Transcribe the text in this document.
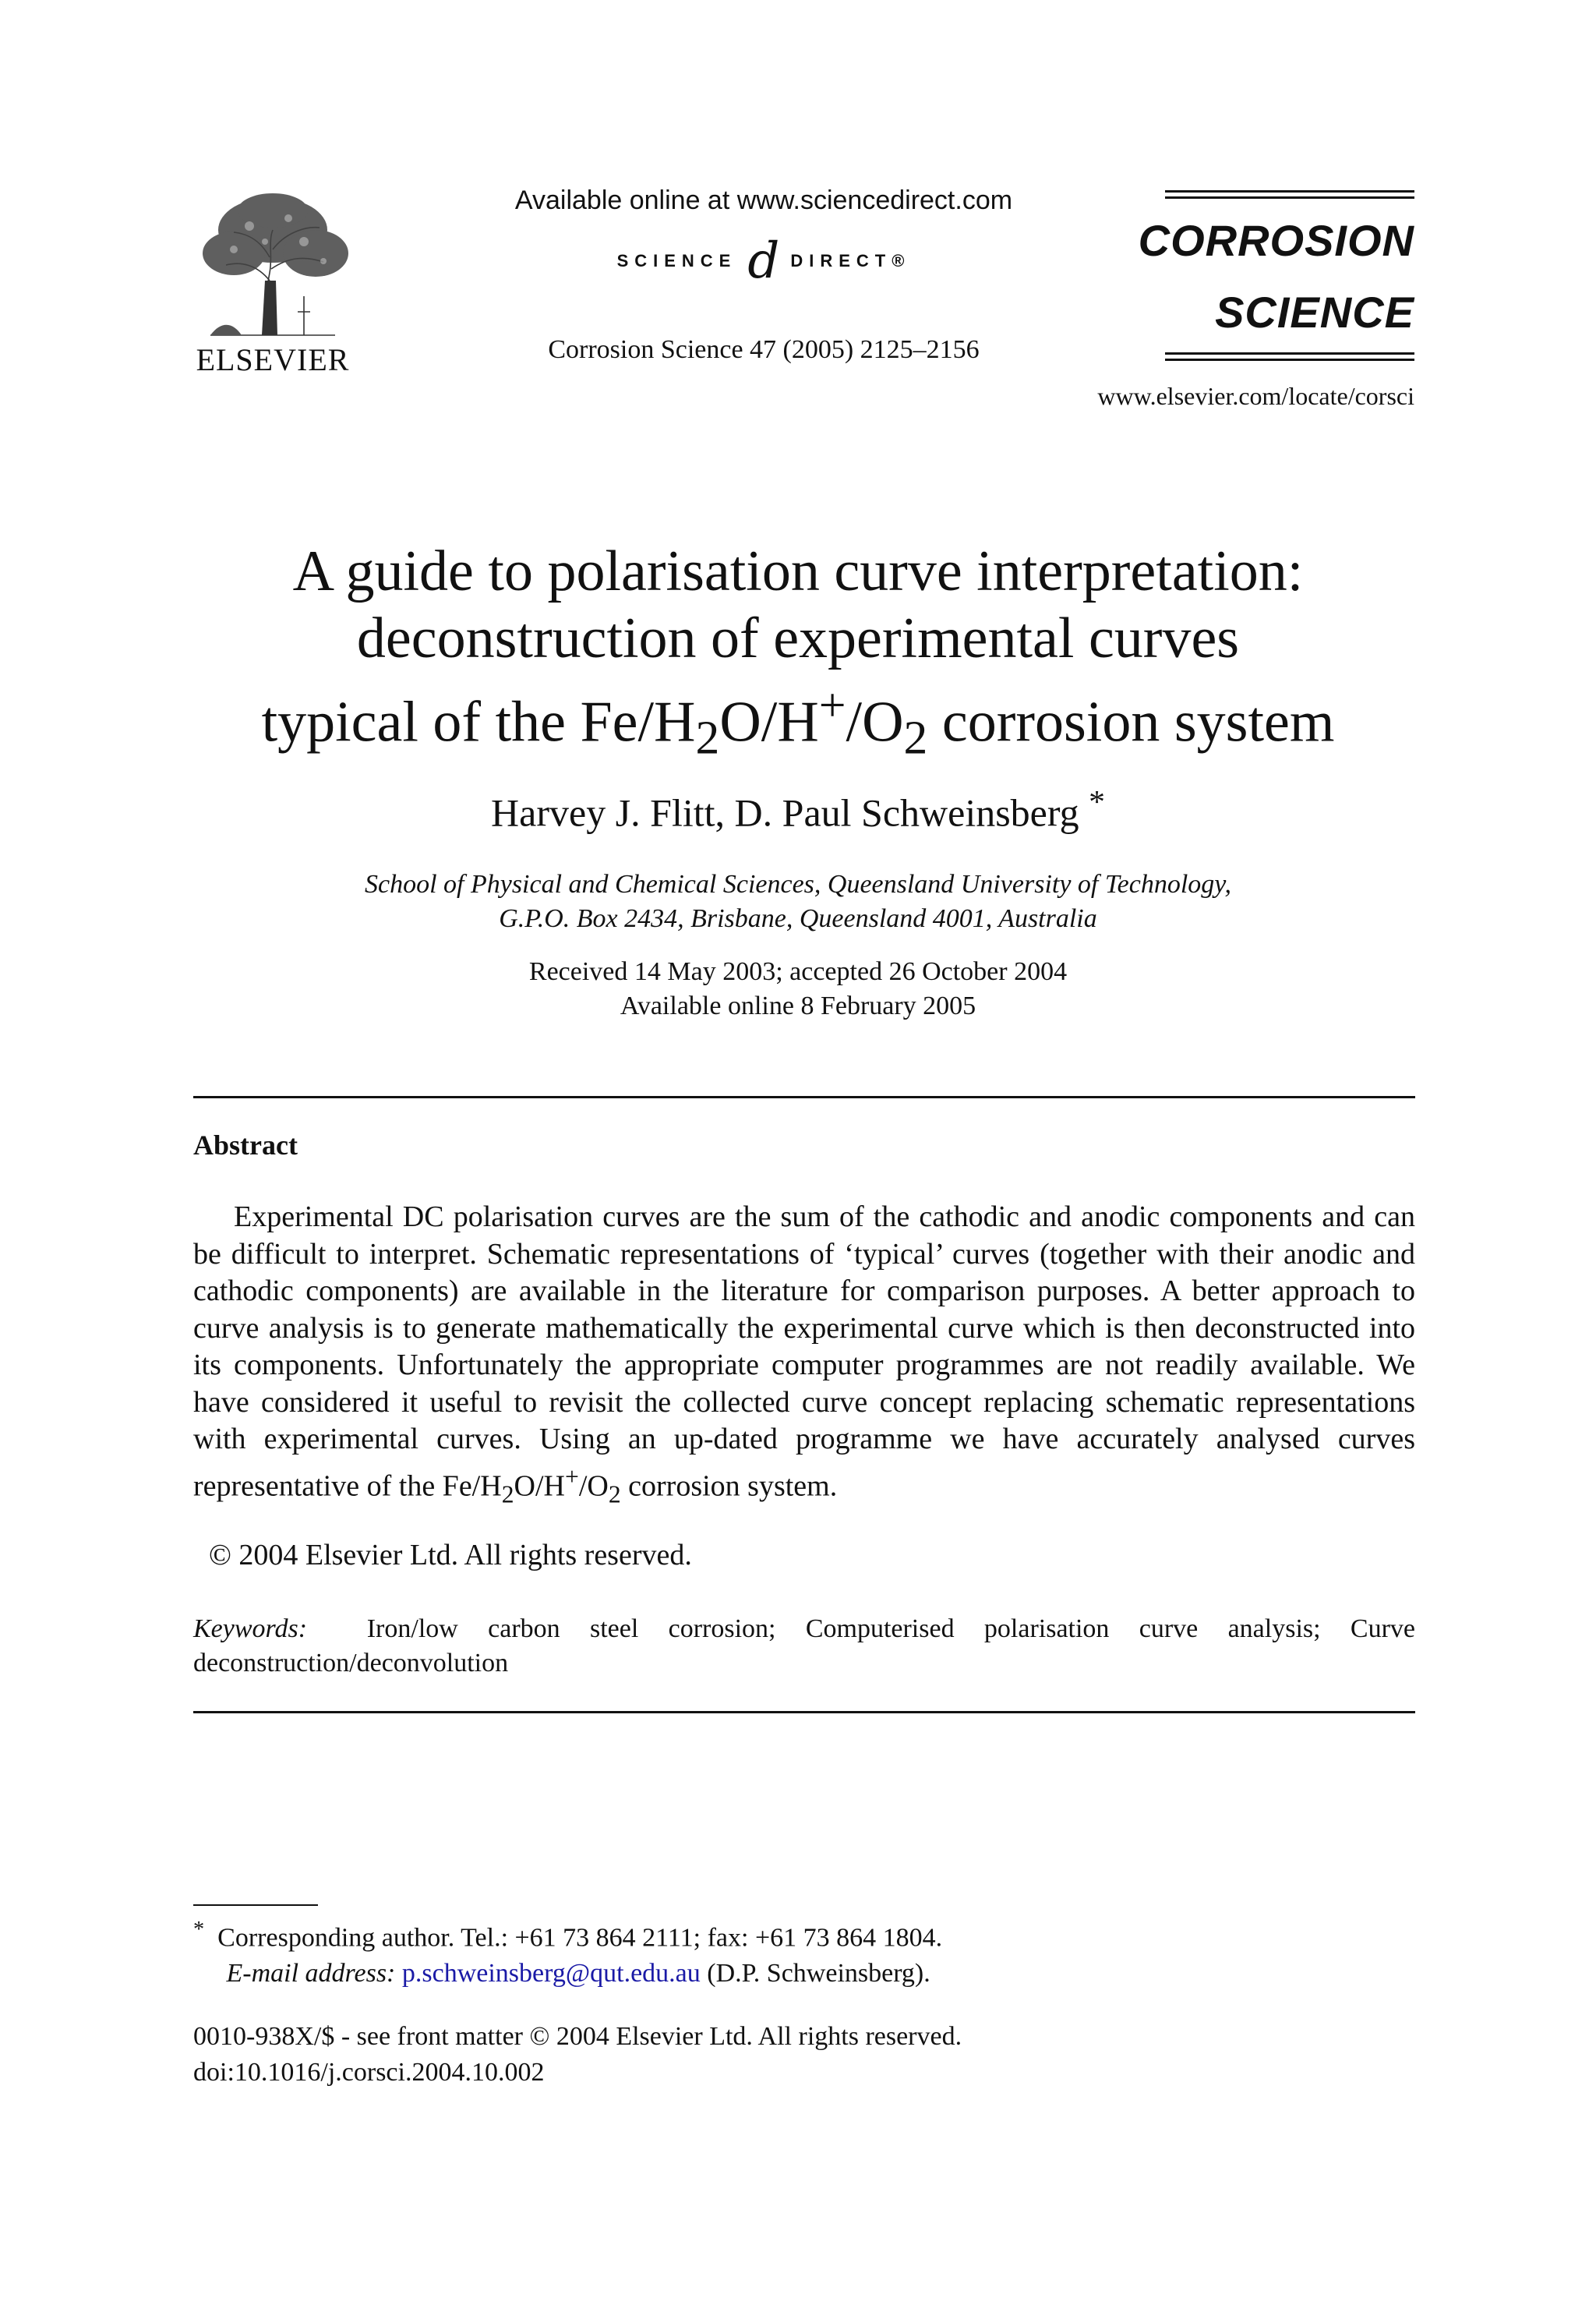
ELSEVIER
Available online at www.sciencedirect.com
SCIENCE d DIRECT®
Corrosion Science 47 (2005) 2125–2156
CORROSION
SCIENCE
www.elsevier.com/locate/corsci
A guide to polarisation curve interpretation:
deconstruction of experimental curves
typical of the $Fe/H_2O/H^+/O_2$ corrosion system
Harvey J. Flitt, D. Paul Schweinsberg *
School of Physical and Chemical Sciences, Queensland University of Technology,
G.P.O. Box 2434, Brisbane, Queensland 4001, Australia
Received 14 May 2003; accepted 26 October 2004
Available online 8 February 2005
Abstract

Experimental DC polarisation curves are the sum of the cathodic and anodic components and can be difficult to interpret. Schematic representations of ‘typical’ curves (together with their anodic and cathodic components) are available in the literature for comparison purposes. A better approach to curve analysis is to generate mathematically the experimental curve which is then deconstructed into its components. Unfortunately the appropriate computer programmes are not readily available. We have considered it useful to revisit the collected curve concept replacing schematic representations with experimental curves. Using an up-dated programme we have accurately analysed curves representative of the $Fe/H_2O/H^+/O_2$ corrosion system.

© 2004 Elsevier Ltd. All rights reserved.
Keywords: Iron/low carbon steel corrosion; Computerised polarisation curve analysis; Curve deconstruction/deconvolution
* Corresponding author. Tel.: +61 73 864 2111; fax: +61 73 864 1804.
E-mail address: p.schweinsberg@qut.edu.au (D.P. Schweinsberg).
0010-938X/$ - see front matter © 2004 Elsevier Ltd. All rights reserved.
doi:10.1016/j.corsci.2004.10.002
